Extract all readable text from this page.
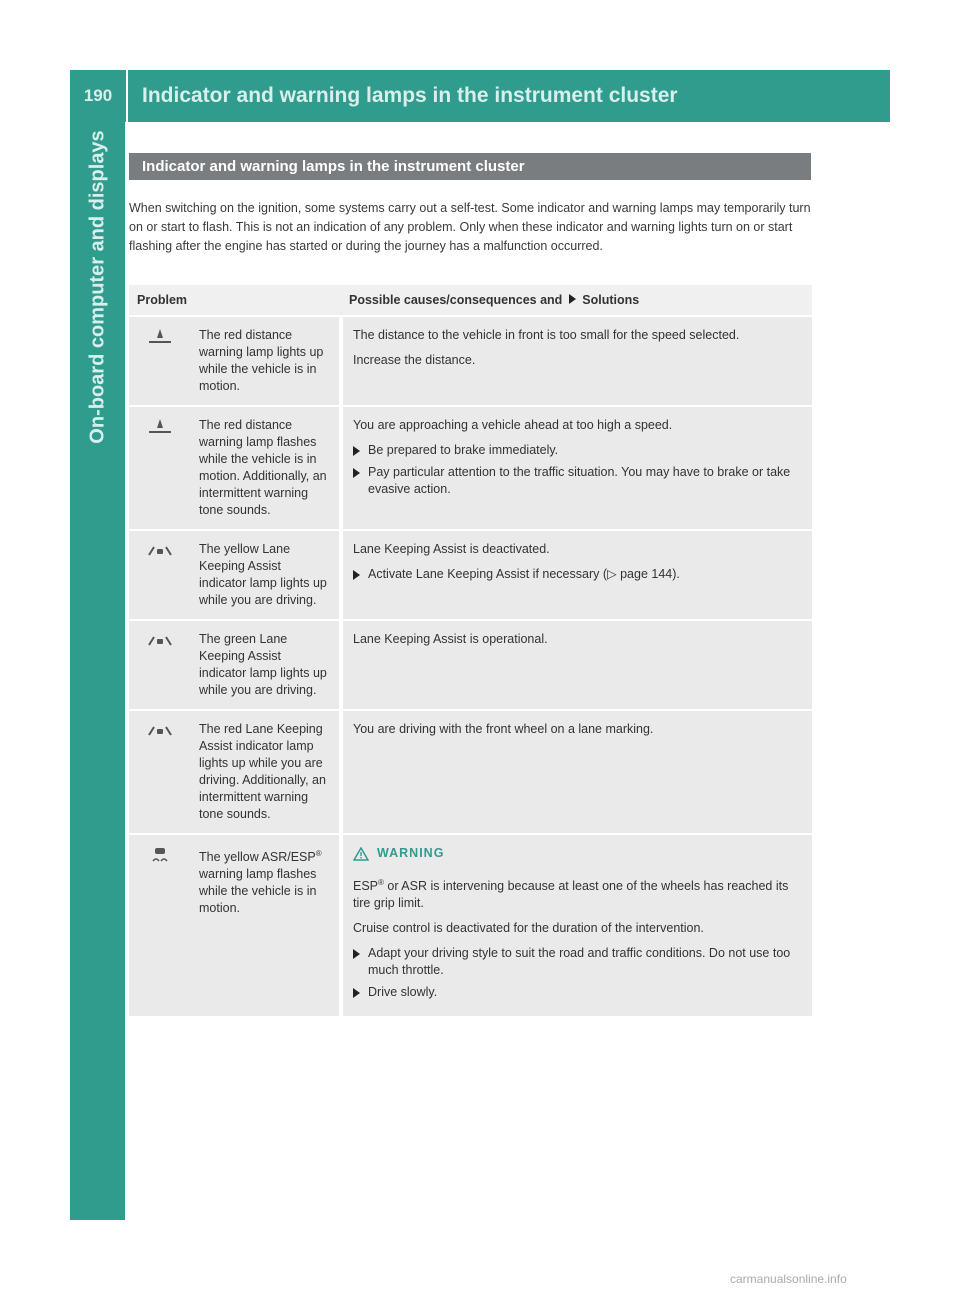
190	Indicator and warning lamps in the instrument cluster
On-board computer and displays	Indicator and warning lamps in the instrument cluster
When switching on the ignition, some systems carry out a self-test. Some indicator and warning lamps may temporarily turn on or start to flash. This is not an indication of any problem. Only when these indicator and warning lights turn on or start flashing after the engine has started or during the journey has a malfunction occurred.
Problem		Possible causes/consequences and Solutions
	The red distance warning lamp lights up while the vehicle is in motion.	The distance to the vehicle in front is too small for the speed selected.

Increase the distance.

	The red distance warning lamp flashes while the vehicle is in motion. Additionally, an intermittent warning tone sounds.	You are approaching a vehicle ahead at too high a speed.

Be prepared to brake immediately.
Pay particular attention to the traffic situation. You may have to brake or take evasive action.

	The yellow Lane Keeping Assist indicator lamp lights up while you are driving.	Lane Keeping Assist is deactivated.

Activate Lane Keeping Assist if necessary (▷ page 144).

	The green Lane Keeping Assist indicator lamp lights up while you are driving.	Lane Keeping Assist is operational.

	The red Lane Keeping Assist indicator lamp lights up while you are driving. Additionally, an intermittent warning tone sounds.	You are driving with the front wheel on a lane marking.

	The yellow ASR/ESP® warning lamp flashes while the vehicle is in motion.	WARNING

ESP® or ASR is intervening because at least one of the wheels has reached its tire grip limit.

Cruise control is deactivated for the duration of the intervention.

Adapt your driving style to suit the road and traffic conditions. Do not use too much throttle.
Drive slowly.
carmanualsonline.info
